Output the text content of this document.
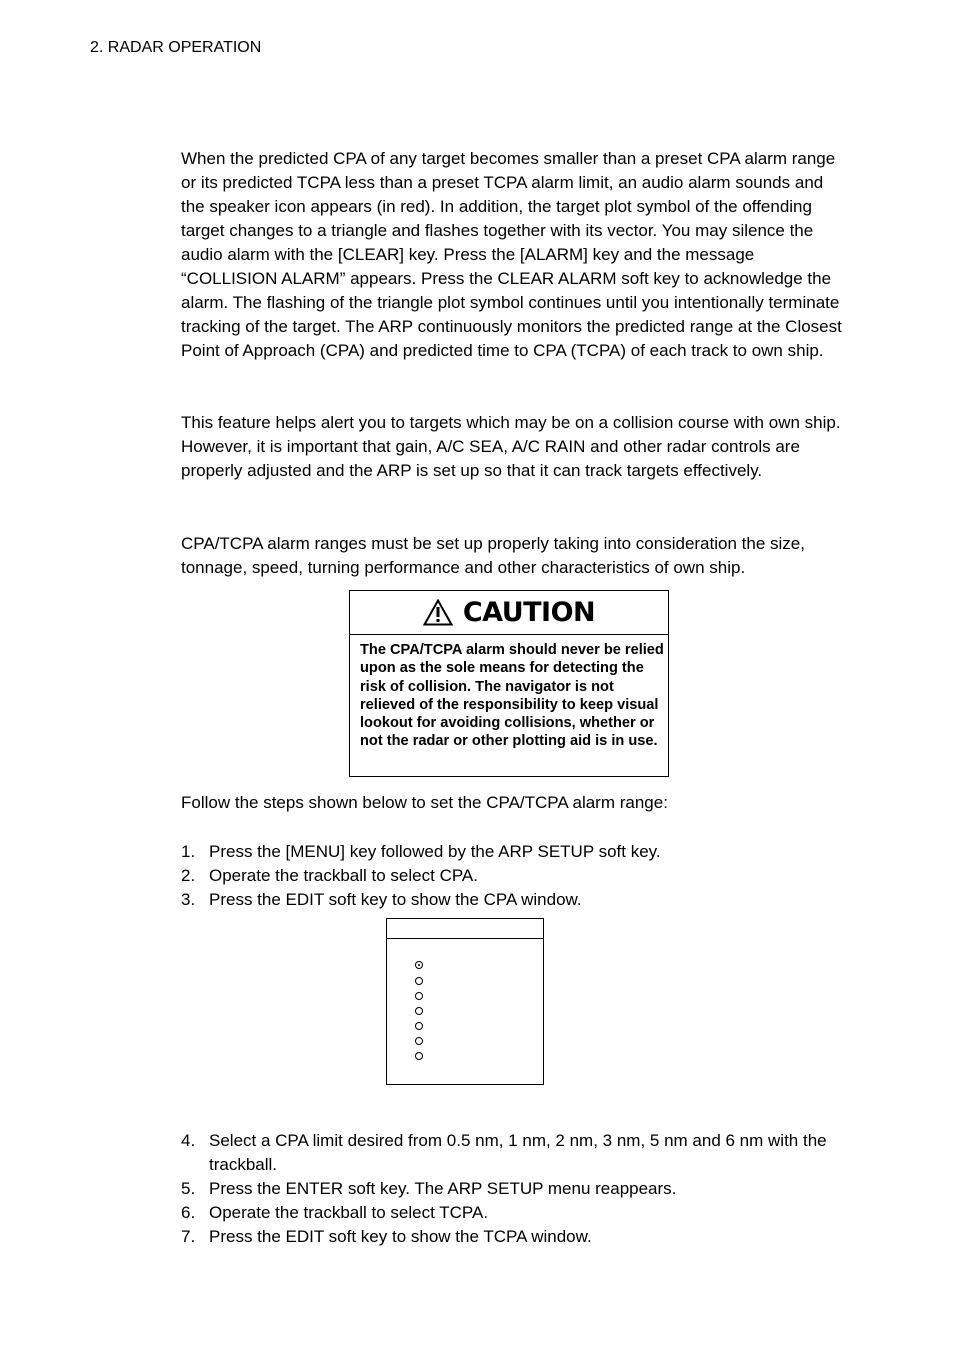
2. RADAR OPERATION

When the predicted CPA of any target becomes smaller than a preset CPA alarm range or its predicted TCPA less than a preset TCPA alarm limit, an audio alarm sounds and the speaker icon appears (in red). In addition, the target plot symbol of the offending target changes to a triangle and flashes together with its vector. You may silence the audio alarm with the [CLEAR] key. Press the [ALARM] key and the message “COLLISION ALARM” appears. Press the CLEAR ALARM soft key to acknowledge the alarm. The flashing of the triangle plot symbol continues until you intentionally terminate tracking of the target. The ARP continuously monitors the predicted range at the Closest Point of Approach (CPA) and predicted time to CPA (TCPA) of each track to own ship.

This feature helps alert you to targets which may be on a collision course with own ship. However, it is important that gain, A/C SEA, A/C RAIN and other radar controls are properly adjusted and the ARP is set up so that it can track targets effectively.

CPA/TCPA alarm ranges must be set up properly taking into consideration the size, tonnage, speed, turning performance and other characteristics of own ship.

CAUTION
The CPA/TCPA alarm should never be relied upon as the sole means for detecting the risk of collision. The navigator is not relieved of the responsibility to keep visual lookout for avoiding collisions, whether or not the radar or other plotting aid is in use.

Follow the steps shown below to set the CPA/TCPA alarm range:

1. Press the [MENU] key followed by the ARP SETUP soft key.
2. Operate the trackball to select CPA.
3. Press the EDIT soft key to show the CPA window.
4. Select a CPA limit desired from 0.5 nm, 1 nm, 2 nm, 3 nm, 5 nm and 6 nm with the trackball.
5. Press the ENTER soft key. The ARP SETUP menu reappears.
6. Operate the trackball to select TCPA.
7. Press the EDIT soft key to show the TCPA window.
